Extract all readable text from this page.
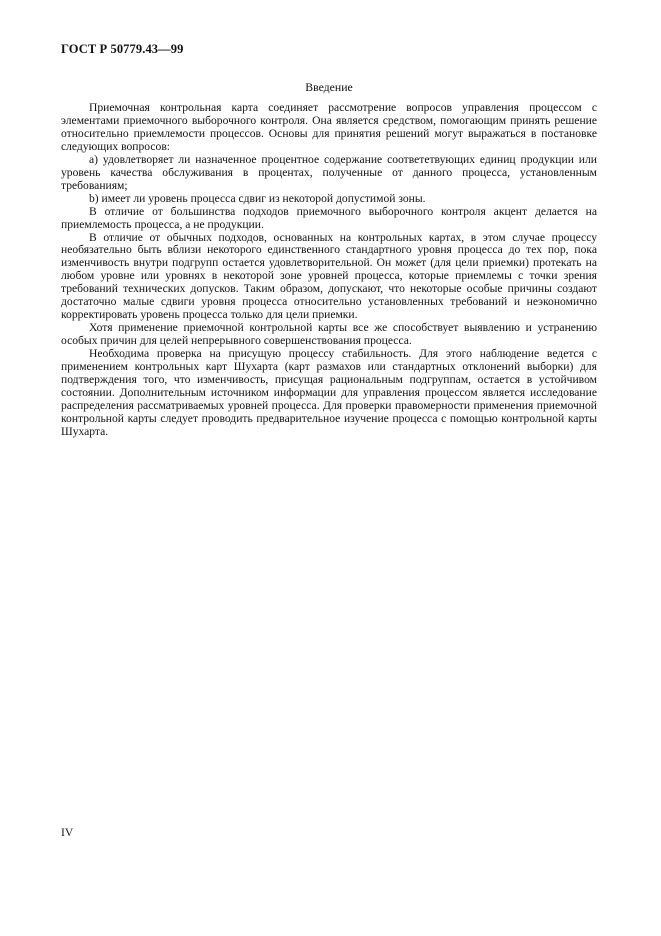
ГОСТ Р 50779.43—99
Введение

Приемочная контрольная карта соединяет рассмотрение вопросов управления процессом с элементами приемочного выборочного контроля. Она является средством, помогающим принять решение относительно приемлемости процессов. Основы для принятия решений могут выражаться в постановке следующих вопросов:

а) удовлетворяет ли назначенное процентное содержание соответетвующих единиц продукции или уровень качества обслуживания в процентах, полученные от данного процесса, установленным требованиям;

b) имеет ли уровень процесса сдвиг из некоторой допустимой зоны.

В отличие от большинства подходов приемочного выборочного контроля акцент делается на приемлемость процесса, а не продукции.

В отличие от обычных подходов, основанных на контрольных картах, в этом случае процессу необязательно быть вблизи некоторого единственного стандартного уровня процесса до тех пор, пока изменчивость внутри подгрупп остается удовлетворительной. Он может (для цели приемки) протекать на любом уровне или уровнях в некоторой зоне уровней процесса, которые приемлемы с точки зрения требований технических допусков. Таким образом, допускают, что некоторые особые причины создают достаточно малые сдвиги уровня процесса относительно установленных требований и неэкономично корректировать уровень процесса только для цели приемки.

Хотя применение приемочной контрольной карты все же способствует выявлению и устранению особых причин для целей непрерывного совершенствования процесса.

Необходима проверка на присущую процессу стабильность. Для этого наблюдение ведется с применением контрольных карт Шухарта (карт размахов или стандартных отклонений выборки) для подтверждения того, что изменчивость, присущая рациональным подгруппам, остается в устойчивом состоянии. Дополнительным источником информации для управления процессом является исследование распределения рассматриваемых уровней процесса. Для проверки правомерности применения приемочной контрольной карты следует проводить предварительное изучение процесса с помощью контрольной карты Шухарта.

IV
